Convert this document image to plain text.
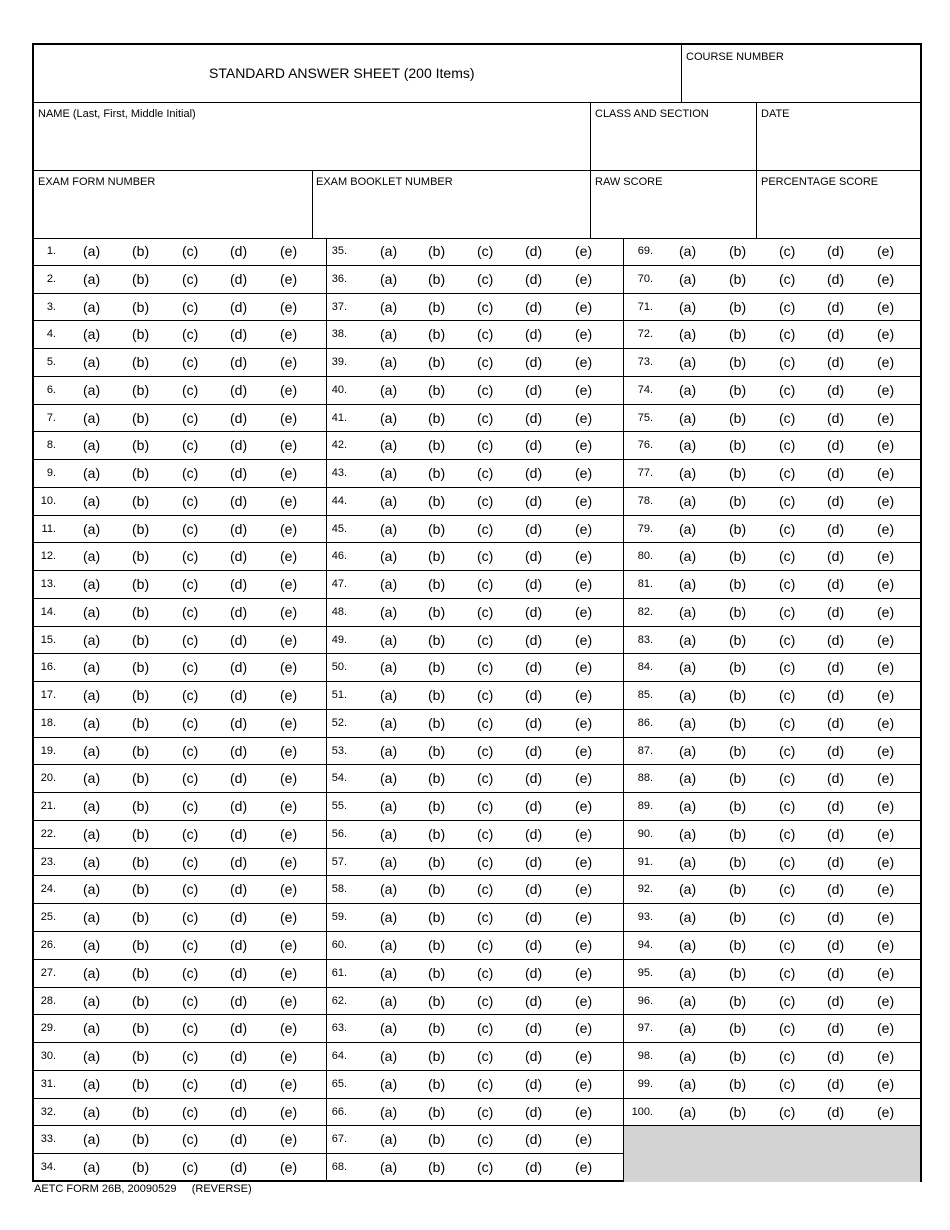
STANDARD ANSWER SHEET (200 Items)
COURSE NUMBER
NAME (Last, First, Middle Initial)	CLASS AND SECTION	DATE
EXAM FORM NUMBER	EXAM BOOKLET NUMBER	RAW SCORE	PERCENTAGE SCORE
1. (a) (b) (c) (d) (e)
2. (a) (b) (c) (d) (e)
3. (a) (b) (c) (d) (e)
4. (a) (b) (c) (d) (e)
5. (a) (b) (c) (d) (e)
6. (a) (b) (c) (d) (e)
7. (a) (b) (c) (d) (e)
8. (a) (b) (c) (d) (e)
9. (a) (b) (c) (d) (e)
10. (a) (b) (c) (d) (e)
11. (a) (b) (c) (d) (e)
12. (a) (b) (c) (d) (e)
13. (a) (b) (c) (d) (e)
14. (a) (b) (c) (d) (e)
15. (a) (b) (c) (d) (e)
16. (a) (b) (c) (d) (e)
17. (a) (b) (c) (d) (e)
18. (a) (b) (c) (d) (e)
19. (a) (b) (c) (d) (e)
20. (a) (b) (c) (d) (e)
21. (a) (b) (c) (d) (e)
22. (a) (b) (c) (d) (e)
23. (a) (b) (c) (d) (e)
24. (a) (b) (c) (d) (e)
25. (a) (b) (c) (d) (e)
26. (a) (b) (c) (d) (e)
27. (a) (b) (c) (d) (e)
28. (a) (b) (c) (d) (e)
29. (a) (b) (c) (d) (e)
30. (a) (b) (c) (d) (e)
31. (a) (b) (c) (d) (e)
32. (a) (b) (c) (d) (e)
33. (a) (b) (c) (d) (e)
34. (a) (b) (c) (d) (e)
35. (a) (b) (c) (d) (e)
36. (a) (b) (c) (d) (e)
37. (a) (b) (c) (d) (e)
38. (a) (b) (c) (d) (e)
39. (a) (b) (c) (d) (e)
40. (a) (b) (c) (d) (e)
41. (a) (b) (c) (d) (e)
42. (a) (b) (c) (d) (e)
43. (a) (b) (c) (d) (e)
44. (a) (b) (c) (d) (e)
45. (a) (b) (c) (d) (e)
46. (a) (b) (c) (d) (e)
47. (a) (b) (c) (d) (e)
48. (a) (b) (c) (d) (e)
49. (a) (b) (c) (d) (e)
50. (a) (b) (c) (d) (e)
51. (a) (b) (c) (d) (e)
52. (a) (b) (c) (d) (e)
53. (a) (b) (c) (d) (e)
54. (a) (b) (c) (d) (e)
55. (a) (b) (c) (d) (e)
56. (a) (b) (c) (d) (e)
57. (a) (b) (c) (d) (e)
58. (a) (b) (c) (d) (e)
59. (a) (b) (c) (d) (e)
60. (a) (b) (c) (d) (e)
61. (a) (b) (c) (d) (e)
62. (a) (b) (c) (d) (e)
63. (a) (b) (c) (d) (e)
64. (a) (b) (c) (d) (e)
65. (a) (b) (c) (d) (e)
66. (a) (b) (c) (d) (e)
67. (a) (b) (c) (d) (e)
68. (a) (b) (c) (d) (e)
69. (a) (b) (c) (d) (e)
70. (a) (b) (c) (d) (e)
71. (a) (b) (c) (d) (e)
72. (a) (b) (c) (d) (e)
73. (a) (b) (c) (d) (e)
74. (a) (b) (c) (d) (e)
75. (a) (b) (c) (d) (e)
76. (a) (b) (c) (d) (e)
77. (a) (b) (c) (d) (e)
78. (a) (b) (c) (d) (e)
79. (a) (b) (c) (d) (e)
80. (a) (b) (c) (d) (e)
81. (a) (b) (c) (d) (e)
82. (a) (b) (c) (d) (e)
83. (a) (b) (c) (d) (e)
84. (a) (b) (c) (d) (e)
85. (a) (b) (c) (d) (e)
86. (a) (b) (c) (d) (e)
87. (a) (b) (c) (d) (e)
88. (a) (b) (c) (d) (e)
89. (a) (b) (c) (d) (e)
90. (a) (b) (c) (d) (e)
91. (a) (b) (c) (d) (e)
92. (a) (b) (c) (d) (e)
93. (a) (b) (c) (d) (e)
94. (a) (b) (c) (d) (e)
95. (a) (b) (c) (d) (e)
96. (a) (b) (c) (d) (e)
97. (a) (b) (c) (d) (e)
98. (a) (b) (c) (d) (e)
99. (a) (b) (c) (d) (e)
100. (a) (b) (c) (d) (e)
AETC FORM 26B, 20090529     (REVERSE)
